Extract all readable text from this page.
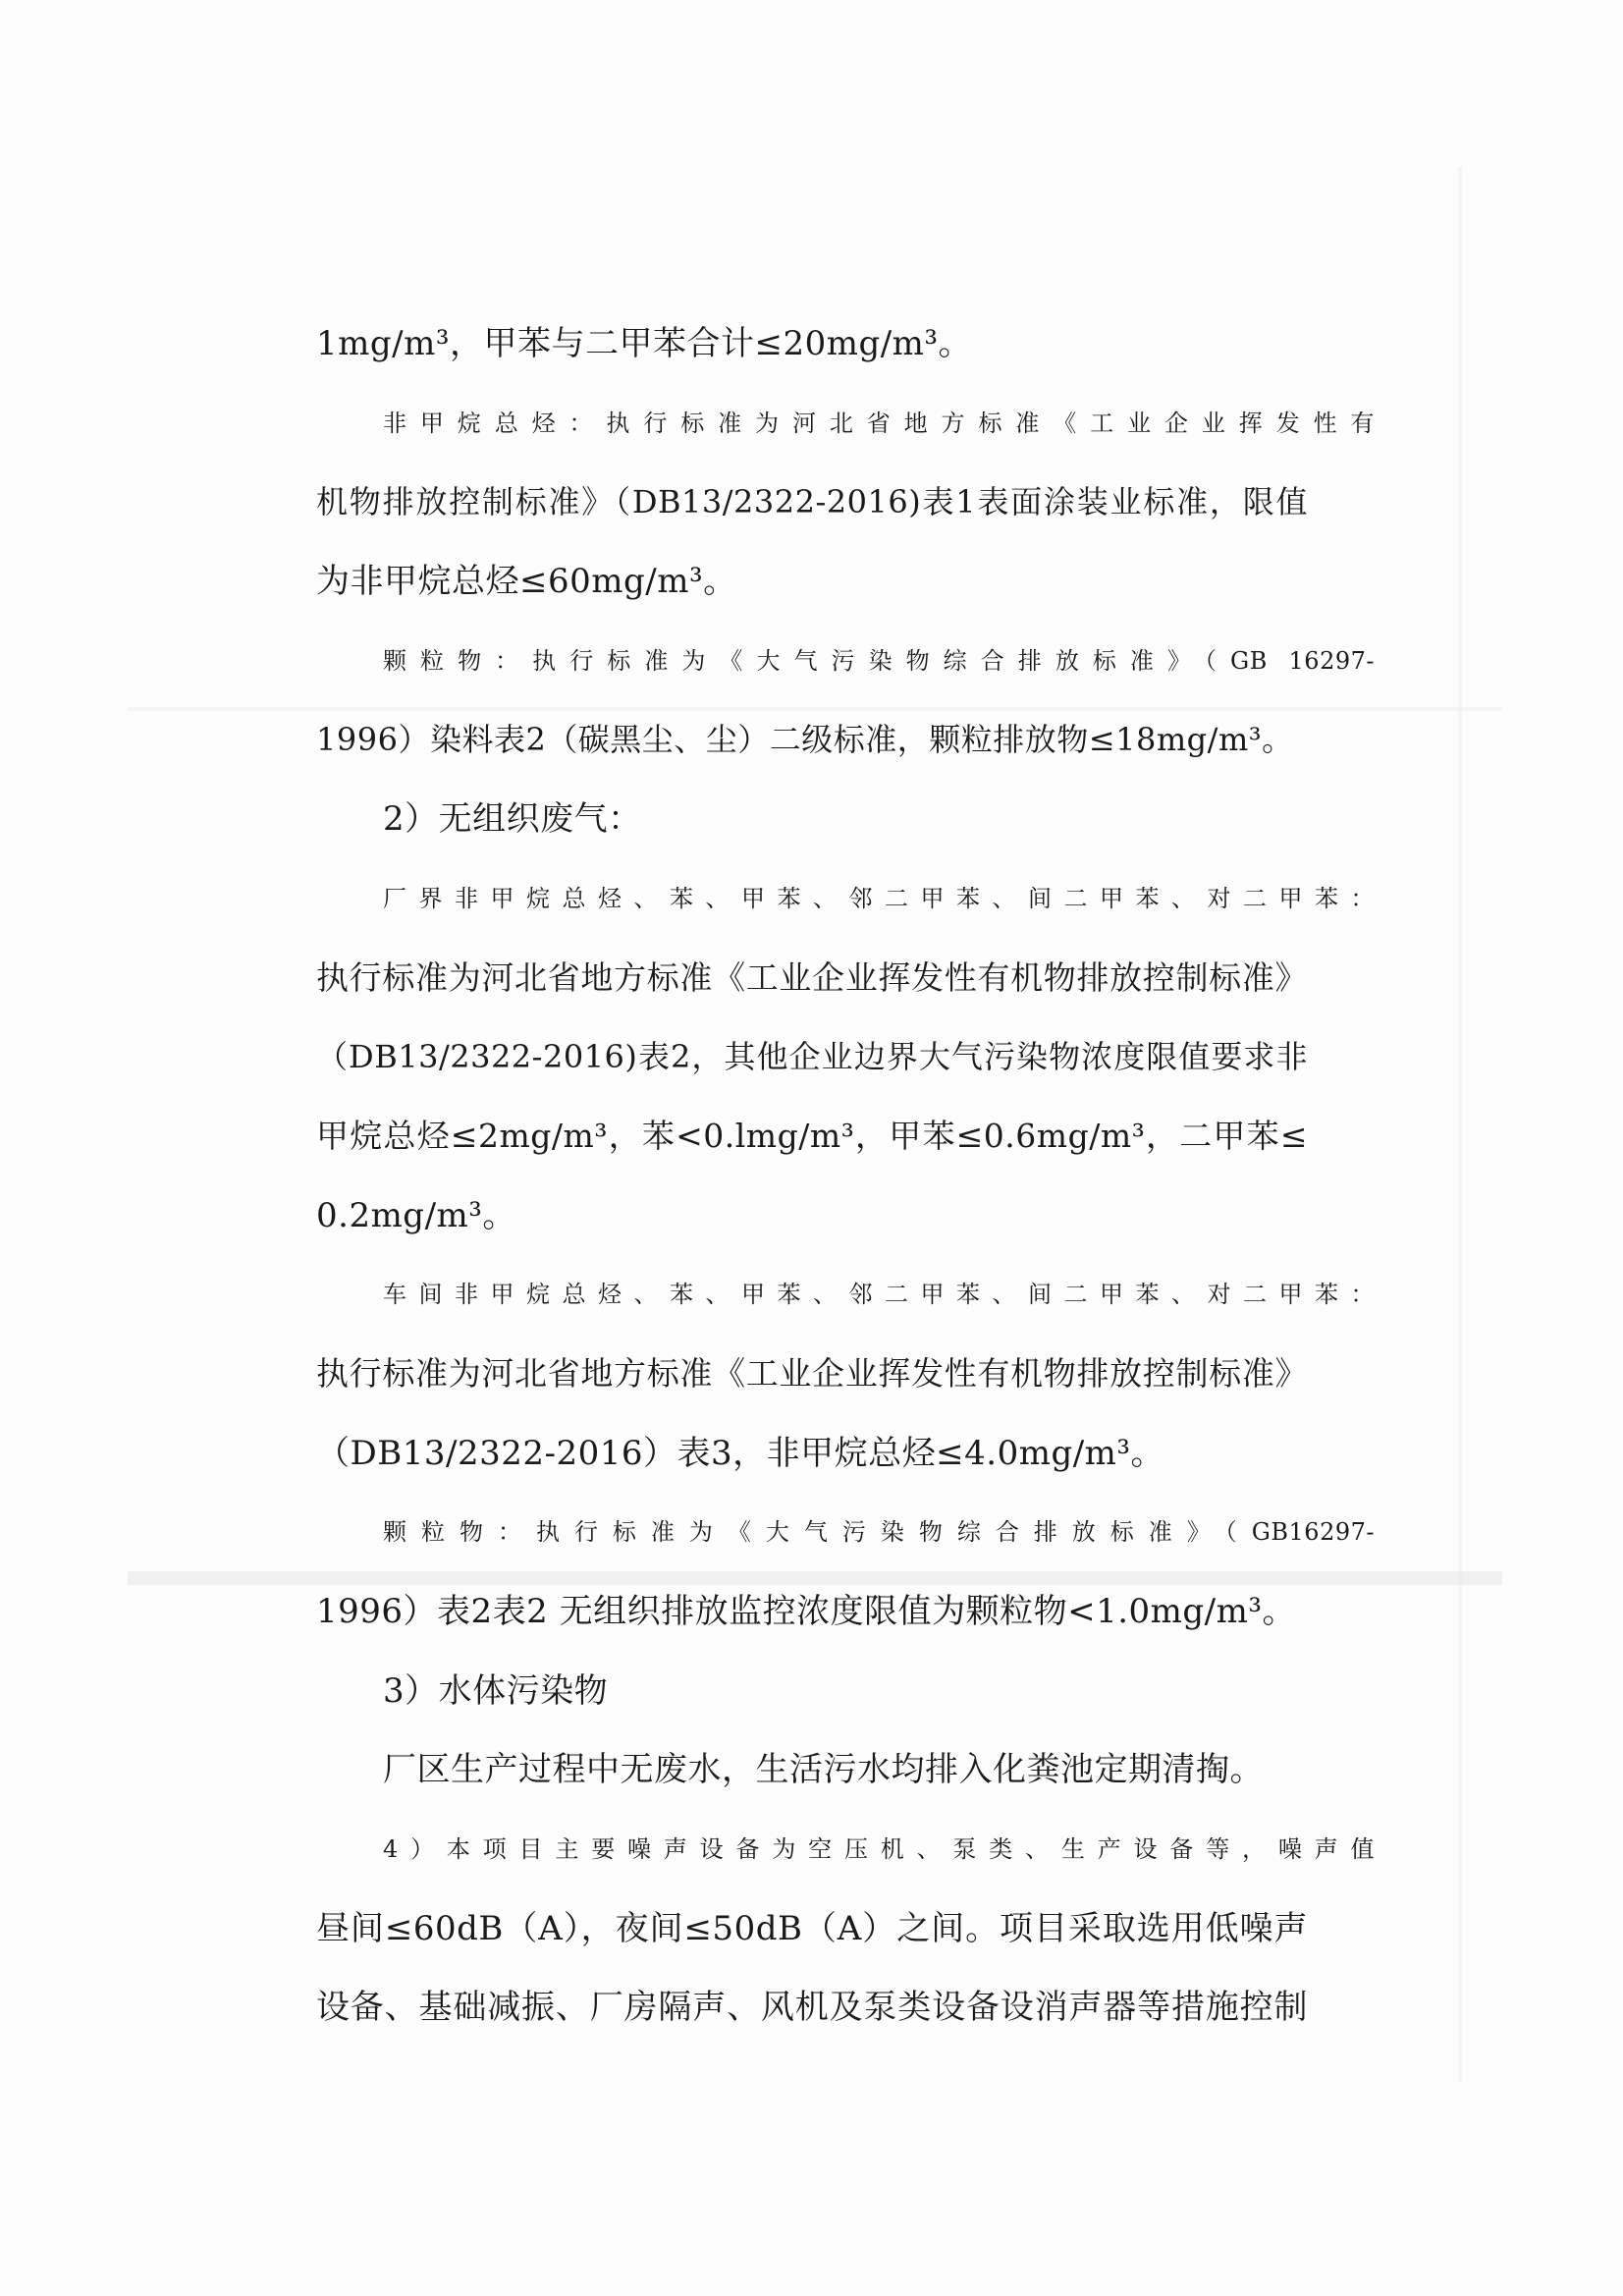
1mg/m³，甲苯与二甲苯合计≤20mg/m³。
非甲烷总烃：执行标准为河北省地方标准《工业企业挥发性有
机物排放控制标准》（DB13/2322-2016)表1表面涂装业标准，限值
为非甲烷总烃≤60mg/m³。
颗粒物：执行标准为《大气污染物综合排放标准》（GB 16297-
1996）染料表2（碳黑尘、尘）二级标准，颗粒排放物≤18mg/m³。
2）无组织废气：
厂界非甲烷总烃、苯、甲苯、邻二甲苯、间二甲苯、对二甲苯：
执行标准为河北省地方标准《工业企业挥发性有机物排放控制标准》
（DB13/2322-2016)表2，其他企业边界大气污染物浓度限值要求非
甲烷总烃≤2mg/m³，苯<0.lmg/m³，甲苯≤0.6mg/m³，二甲苯≤
0.2mg/m³。
车间非甲烷总烃、苯、甲苯、邻二甲苯、间二甲苯、对二甲苯：
执行标准为河北省地方标准《工业企业挥发性有机物排放控制标准》
（DB13/2322-2016）表3，非甲烷总烃≤4.0mg/m³。
颗粒物：执行标准为《大气污染物综合排放标准》（GB16297-
1996）表2表2 无组织排放监控浓度限值为颗粒物<1.0mg/m³。
3）水体污染物
厂区生产过程中无废水，生活污水均排入化粪池定期清掏。
4）本项目主要噪声设备为空压机、泵类、生产设备等，噪声值
昼间≤60dB（A），夜间≤50dB（A）之间。项目采取选用低噪声
设备、基础减振、厂房隔声、风机及泵类设备设消声器等措施控制
